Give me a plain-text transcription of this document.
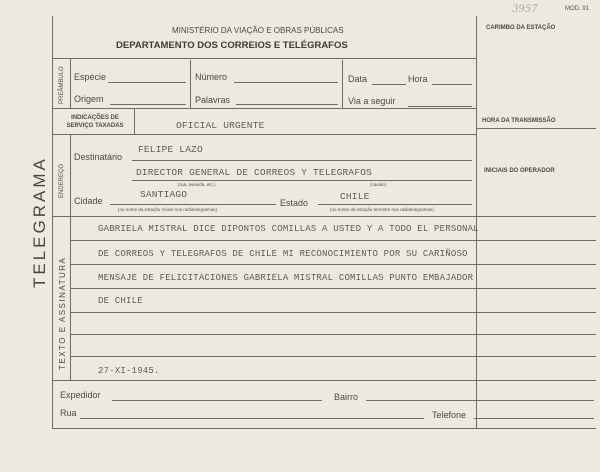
3957	MOD. 91
MINISTÉRIO DA VIAÇÃO E OBRAS PÚBLICAS
DEPARTAMENTO DOS CORREIOS E TELÉGRAFOS
CARIMBO DA ESTAÇÃO
TELEGRAMA
PREÂMBULO Espécie	Número	Data	Hora
Origem	Palavras	Via a seguir
INDICAÇÕES DE SERVIÇO TAXADAS	OFICIAL URGENTE	HORA DA TRANSMISSÃO
INICIAIS DO OPERADOR
ENDEREÇO
Destinatário
FELIPE LAZO
DIRECTOR GENERAL DE CORREOS Y TELEGRAFOS
(rua, avenida, etc.)	(cavalo)
Cidade
SANTIAGO
Estado
CHILE
(ou nome da estação móvel nos radiotelegramas)	(ou nome da estação terrestre nos radiotelegramas)
TEXTO E ASSINATURA
GABRIELA MISTRAL DICE DIPONTOS COMILLAS A USTED Y A TODO EL PERSONAL
DE CORREOS Y TELEGRAFOS DE CHILE MI RECONOCIMIENTO POR SU CARIÑOSO
MENSAJE DE FELICITACIONES GABRIELA MISTRAL COMILLAS PUNTO EMBAJADOR
DE CHILE
27-XI-1945.
Expedidor	Bairro
Rua	Telefone
